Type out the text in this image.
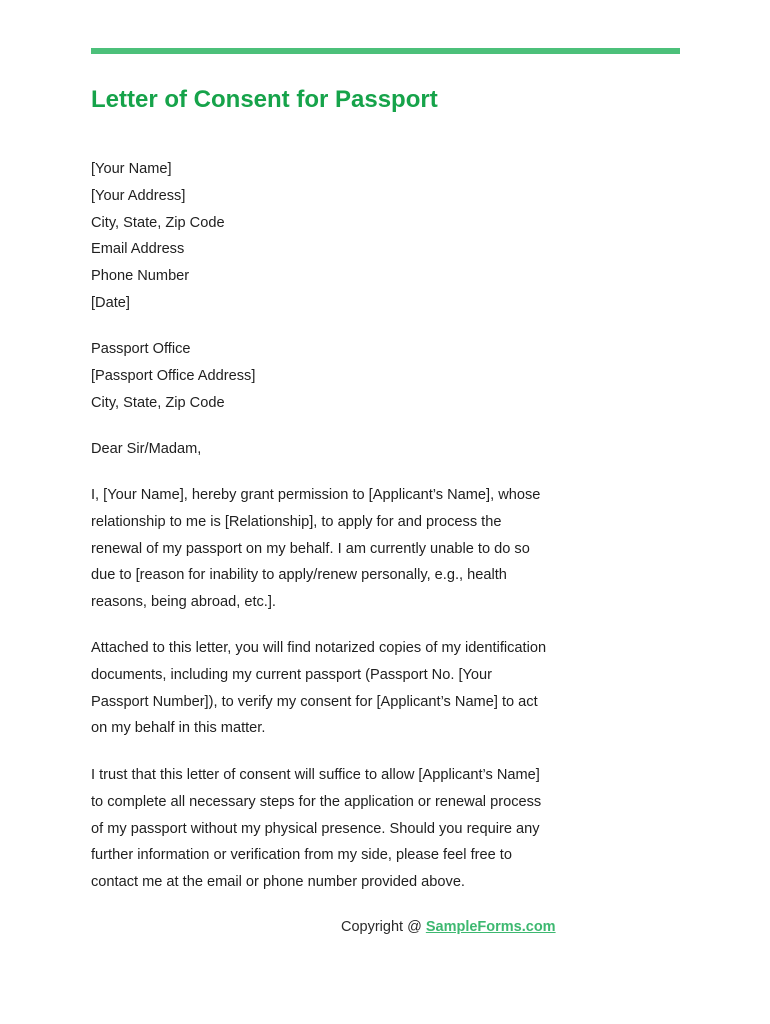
Letter of Consent for Passport
[Your Name]
[Your Address]
City, State, Zip Code
Email Address
Phone Number
[Date]
Passport Office
[Passport Office Address]
City, State, Zip Code
Dear Sir/Madam,
I, [Your Name], hereby grant permission to [Applicant’s Name], whose
relationship to me is [Relationship], to apply for and process the
renewal of my passport on my behalf. I am currently unable to do so
due to [reason for inability to apply/renew personally, e.g., health
reasons, being abroad, etc.].
Attached to this letter, you will find notarized copies of my identification
documents, including my current passport (Passport No. [Your
Passport Number]), to verify my consent for [Applicant’s Name] to act
on my behalf in this matter.
I trust that this letter of consent will suffice to allow [Applicant’s Name]
to complete all necessary steps for the application or renewal process
of my passport without my physical presence. Should you require any
further information or verification from my side, please feel free to
contact me at the email or phone number provided above.
Copyright @ SampleForms.com
